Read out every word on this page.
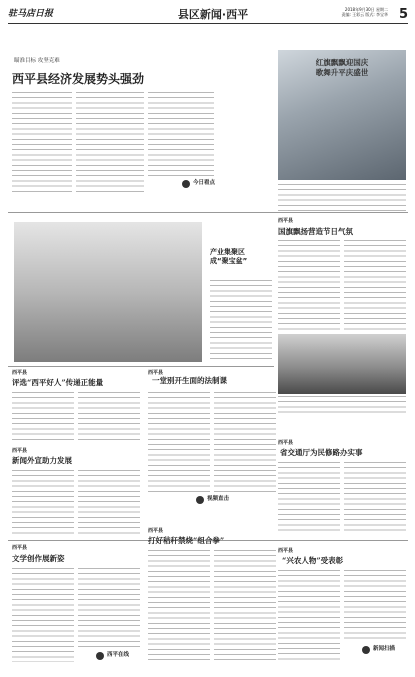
驻马店日报	县区新闻·西平	2018年9月30日 星期二
责编: 王彩云 版式: 李宝华 5
瞄准目标 攻坚克难
西平县经济发展势头强劲
今日看点
红旗飘飘迎国庆
歌舞升平庆盛世
产业集聚区
成“聚宝盆”
西平县
国旗飘扬营造节日气氛
西平县
评选“西平好人”传递正能量
西平县
一堂别开生面的法制课
视频直击
西平县
新闻外宣助力发展
西平县
省交通厅为民修路办实事
西平县
文学创作展新姿
西平在线
西平县
打好秸秆禁烧“组合拳”
西平县
“兴农人物”受表彰
新闻扫描
